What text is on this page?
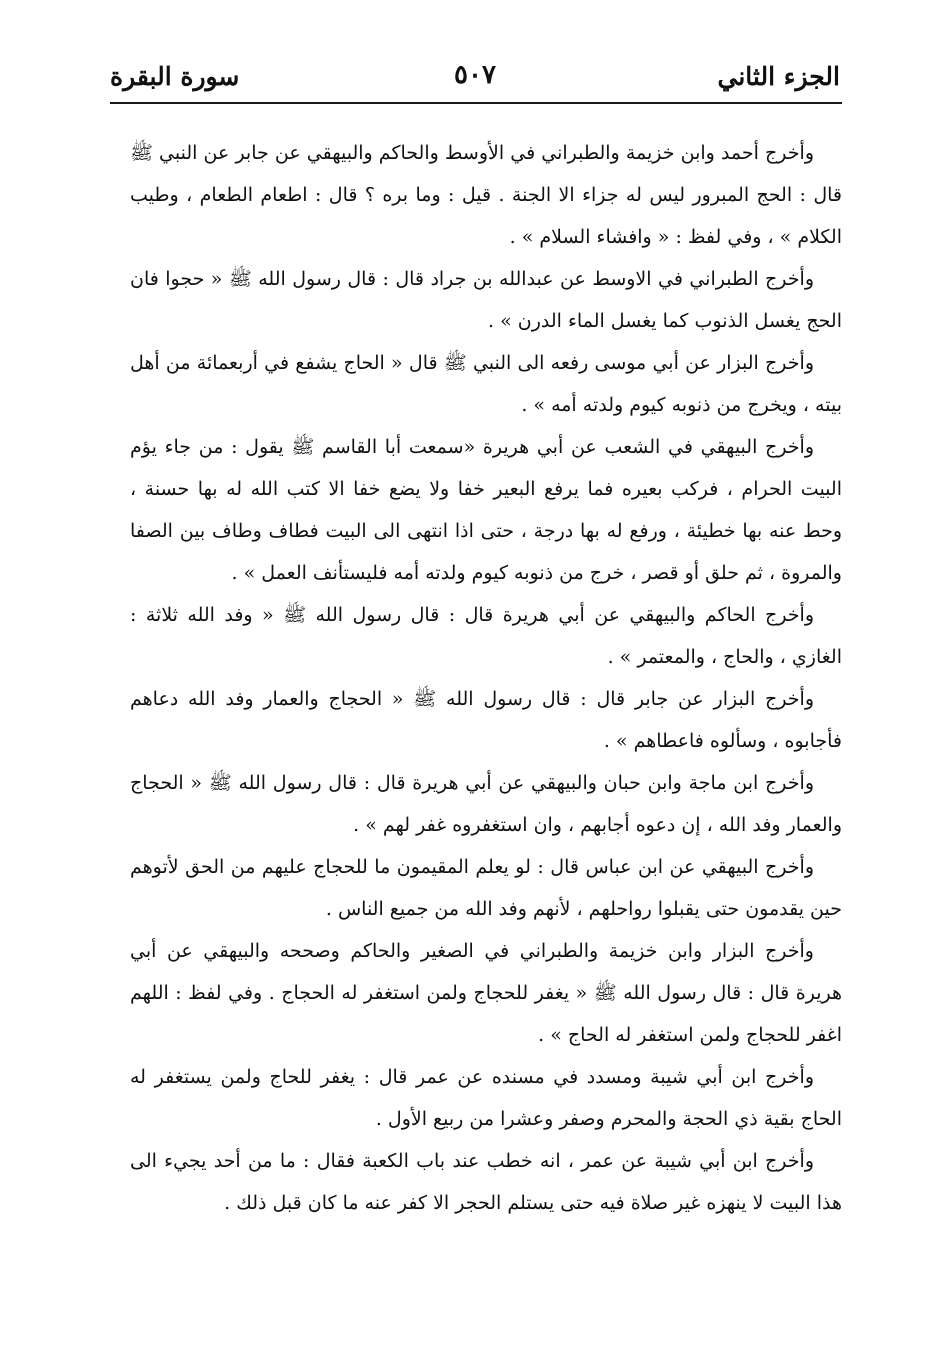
الجزء الثاني
٥٠٧
سورة البقرة

وأخرج أحمد وابن خزيمة والطبراني في الأوسط والحاكم والبيهقي عن جابر عن النبي ﷺ قال : الحج المبرور ليس له جزاء الا الجنة . قيل : وما بره ؟ قال : اطعام الطعام ، وطيب الكلام » ، وفي لفظ : « وافشاء السلام » .

وأخرج الطبراني في الاوسط عن عبدالله بن جراد قال : قال رسول الله ﷺ « حجوا فان الحج يغسل الذنوب كما يغسل الماء الدرن » .

وأخرج البزار عن أبي موسى رفعه الى النبي ﷺ قال « الحاج يشفع في أربعمائة من أهل بيته ، ويخرج من ذنوبه كيوم ولدته أمه » .

وأخرج البيهقي في الشعب عن أبي هريرة «سمعت أبا القاسم ﷺ يقول : من جاء يؤم البيت الحرام ، فركب بعيره فما يرفع البعير خفا ولا يضع خفا الا كتب الله له بها حسنة ، وحط عنه بها خطيئة ، ورفع له بها درجة ، حتى اذا انتهى الى البيت فطاف وطاف بين الصفا والمروة ، ثم حلق أو قصر ، خرج من ذنوبه كيوم ولدته أمه فليستأنف العمل » .

وأخرج الحاكم والبيهقي عن أبي هريرة قال : قال رسول الله ﷺ « وفد الله ثلاثة : الغازي ، والحاج ، والمعتمر » .

وأخرج البزار عن جابر قال : قال رسول الله ﷺ « الحجاج والعمار وفد الله دعاهم فأجابوه ، وسألوه فاعطاهم » .

وأخرج ابن ماجة وابن حبان والبيهقي عن أبي هريرة قال : قال رسول الله ﷺ « الحجاج والعمار وفد الله ، إن دعوه أجابهم ، وان استغفروه غفر لهم » .

وأخرج البيهقي عن ابن عباس قال : لو يعلم المقيمون ما للحجاج عليهم من الحق لأتوهم حين يقدمون حتى يقبلوا رواحلهم ، لأنهم وفد الله من جميع الناس .

وأخرج البزار وابن خزيمة والطبراني في الصغير والحاكم وصححه والبيهقي عن أبي هريرة قال : قال رسول الله ﷺ « يغفر للحجاج ولمن استغفر له الحجاج . وفي لفظ : اللهم اغفر للحجاج ولمن استغفر له الحاج » .

وأخرج ابن أبي شيبة ومسدد في مسنده عن عمر قال : يغفر للحاج ولمن يستغفر له الحاج بقية ذي الحجة والمحرم وصفر وعشرا من ربيع الأول .

وأخرج ابن أبي شيبة عن عمر ، انه خطب عند باب الكعبة فقال : ما من أحد يجيء الى هذا البيت لا ينهزه غير صلاة فيه حتى يستلم الحجر الا كفر عنه ما كان قبل ذلك .
